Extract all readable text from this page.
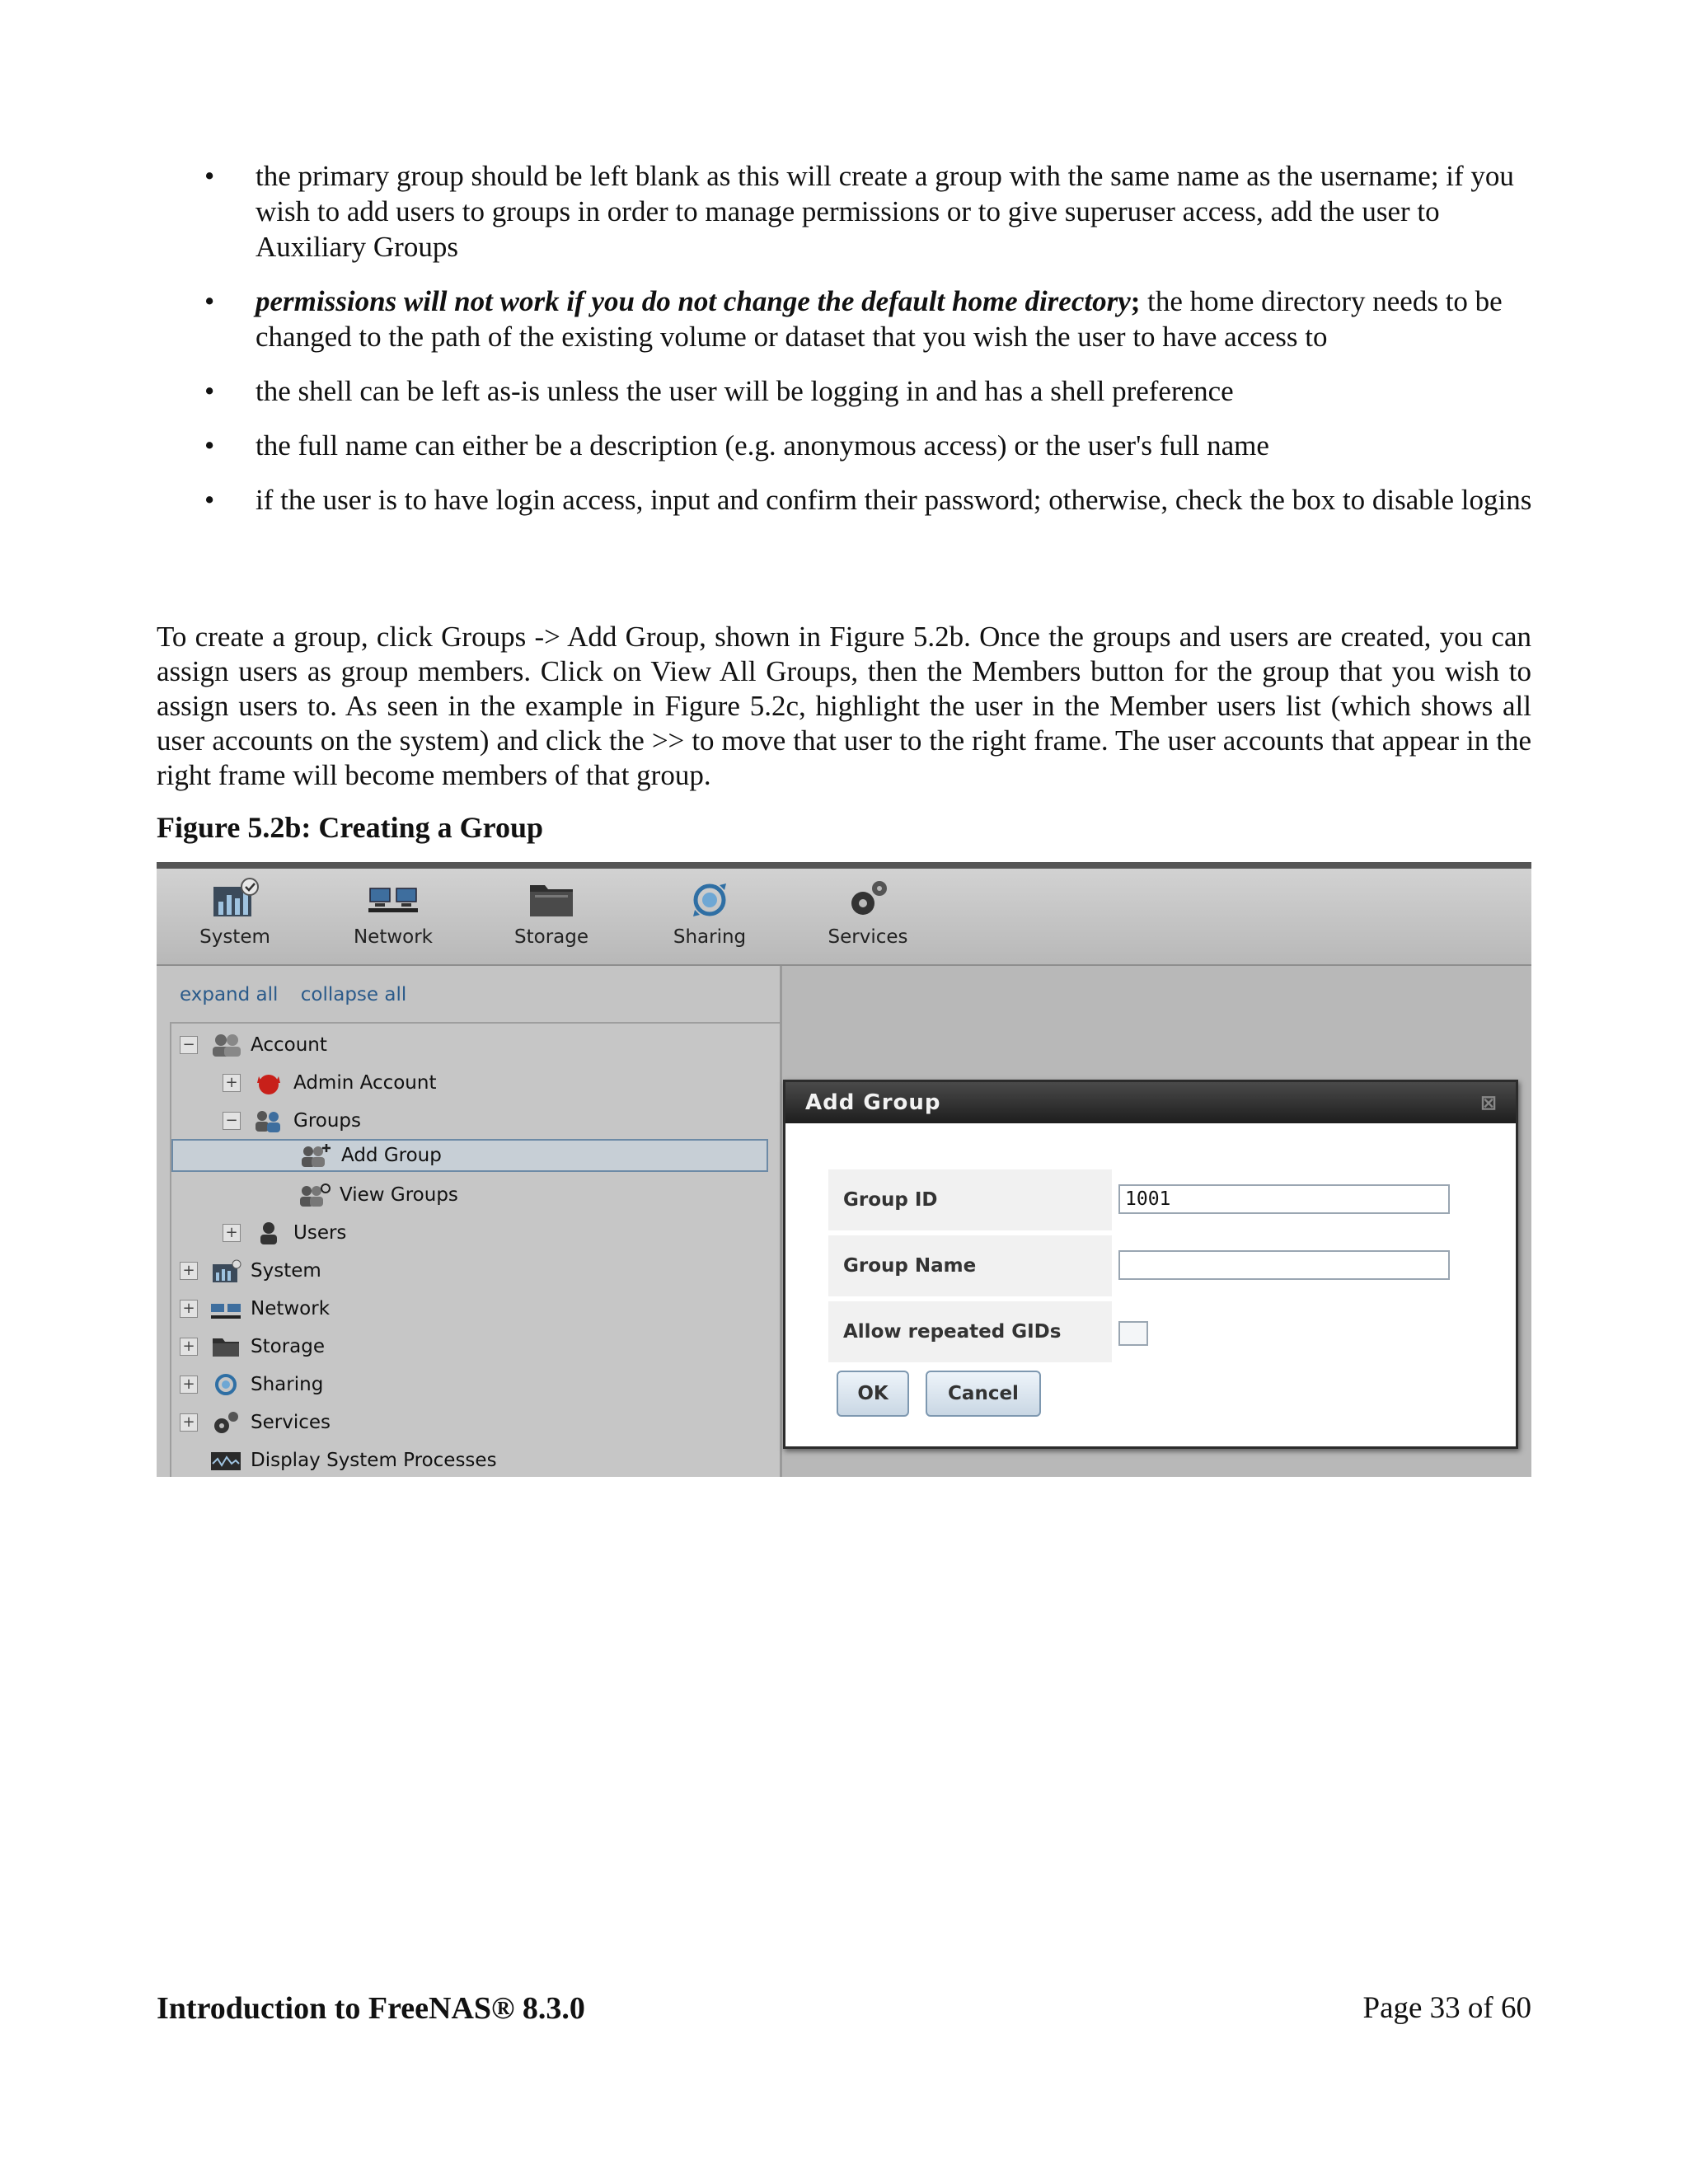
• the primary group should be left blank as this will create a group with the same name as the username; if you wish to add users to groups in order to manage permissions or to give superuser access, add the user to Auxiliary Groups
• permissions will not work if you do not change the default home directory; the home directory needs to be changed to the path of the existing volume or dataset that you wish the user to have access to
• the shell can be left as-is unless the user will be logging in and has a shell preference
• the full name can either be a description (e.g. anonymous access) or the user's full name
• if the user is to have login access, input and confirm their password; otherwise, check the box to disable logins

To create a group, click Groups -> Add Group, shown in Figure 5.2b. Once the groups and users are created, you can assign users as group members. Click on View All Groups, then the Members button for the group that you wish to assign users to. As seen in the example in Figure 5.2c, highlight the user in the Member users list (which shows all user accounts on the system) and click the >> to move that user to the right frame. The user accounts that appear in the right frame will become members of that group.

Figure 5.2b: Creating a Group

System	Network	Storage	Sharing	Services
expand all collapse all
−	Account
+	Admin Account
−	Groups
Add Group
View Groups
+	Users
+	System
+	Network
+	Storage
+	Sharing
+	Services
Display System Processes
Add Group	⊠
Group ID	1001
Group Name
Allow repeated GIDs
OK	Cancel
Introduction to FreeNAS® 8.3.0	Page 33 of 60
